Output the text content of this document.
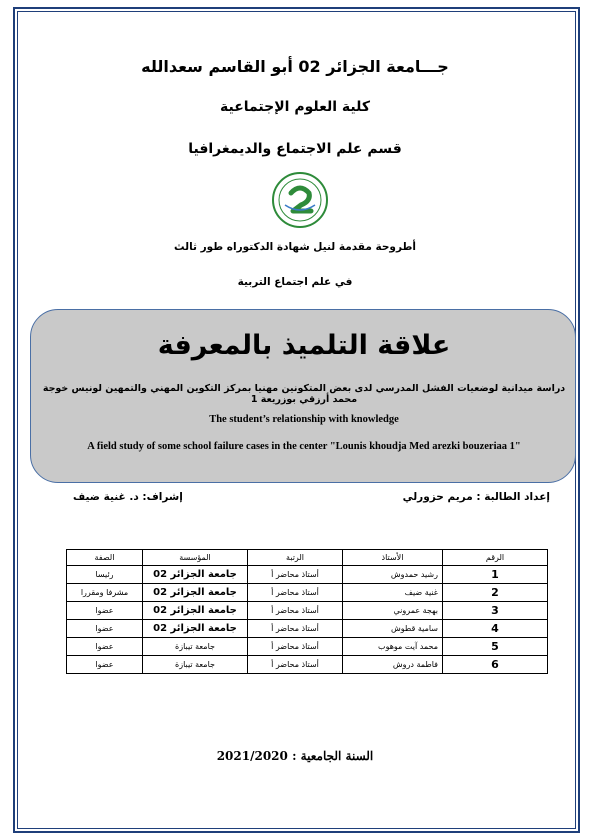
جـــامعة الجزائر 02 أبو القاسم سعدالله
كلية العلوم الإجتماعية
قسم علم الاجتماع والديمغرافيا
أطروحة مقدمة لنيل شهادة الدكتوراه طور ثالث
في علم اجتماع التربية
علاقة التلميذ بالمعرفة
دراسة ميدانية لوضعيات الفشل المدرسي لدى بعض المتكونين مهنيا بمركز التكوين المهني والتمهين لونيس خوجة محمد أرزقي بوزريعة 1
The student’s relationship with knowledge
A field study of some school failure cases in the center "Lounis khoudja Med arezki bouzeriaa 1"
إعداد الطالبة : مريم حزورلي
إشراف: د. غنية ضيف
الرقم	الأستاذ	الرتبة	المؤسسة	الصفة
1	رشيد حمدوش	أستاذ محاضر أ	جامعة الجزائر 02	رئيسا
2	غنية ضيف	أستاذ محاضر أ	جامعة الجزائر 02	مشرفا ومقررا
3	بهجة عمروني	أستاذ محاضر أ	جامعة الجزائر 02	عضوا
4	سامية قطوش	أستاذ محاضر أ	جامعة الجزائر 02	عضوا
5	محمد آيت موهوب	أستاذ محاضر أ	جامعة تيبازة	عضوا
6	فاطمة دروش	أستاذ محاضر أ	جامعة تيبازة	عضوا
السنة الجامعية : 2021/2020
